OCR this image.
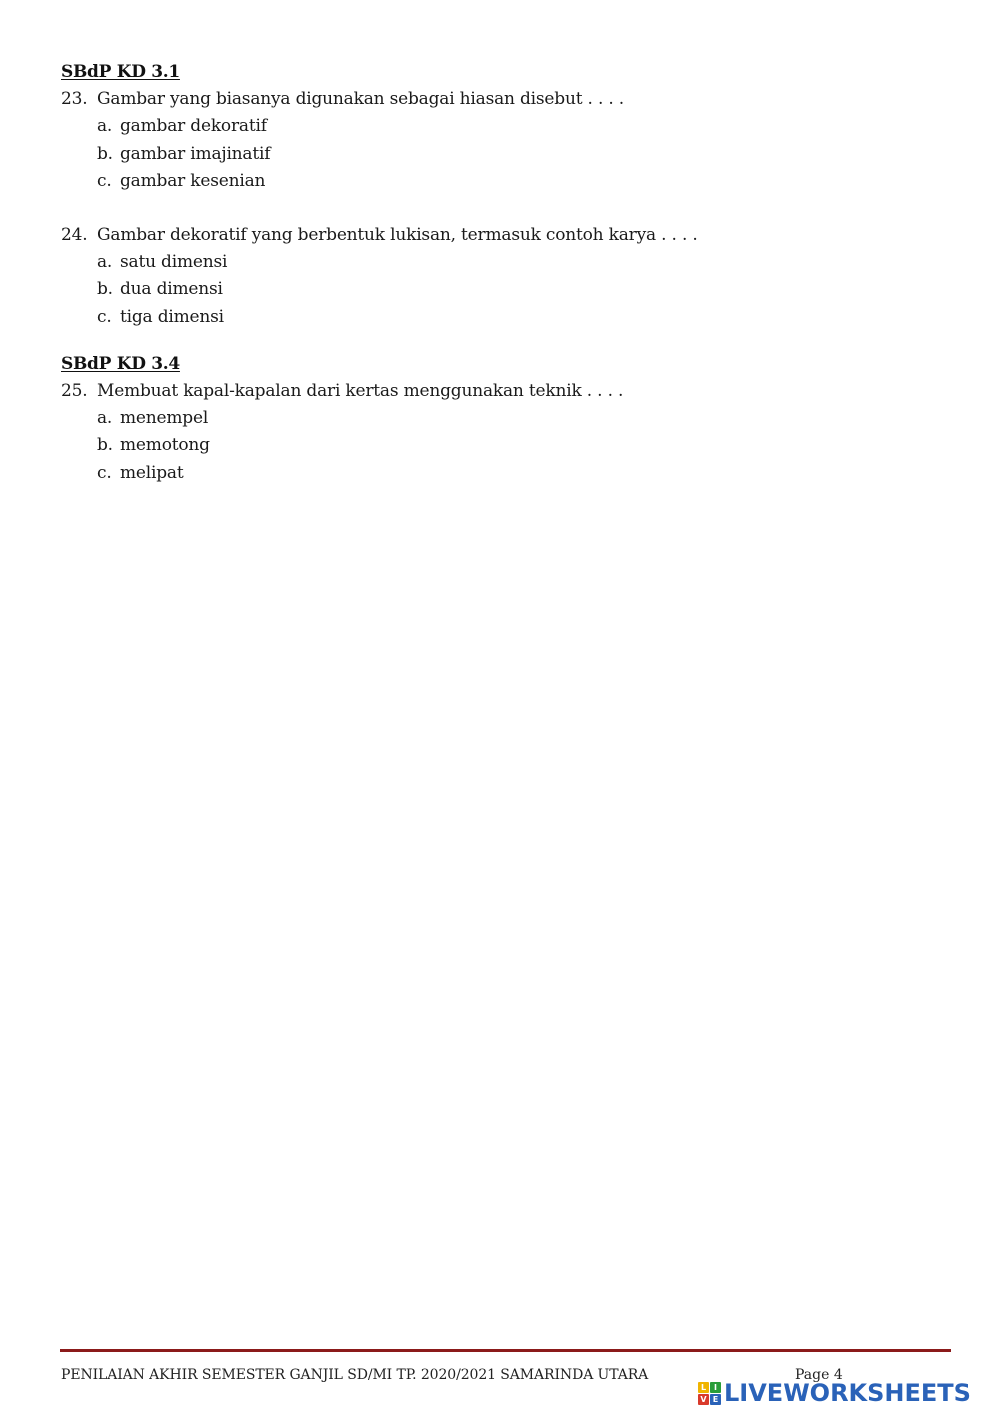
SBdP KD 3.1
23. Gambar yang biasanya digunakan sebagai hiasan disebut . . . .
a. gambar dekoratif
b. gambar imajinatif
c. gambar kesenian
24. Gambar dekoratif yang berbentuk lukisan, termasuk contoh karya . . . .
a. satu dimensi
b. dua dimensi
c. tiga dimensi
SBdP KD 3.4
25. Membuat kapal-kapalan dari kertas menggunakan teknik . . . .
a. menempel
b. memotong
c. melipat
PENILAIAN AKHIR SEMESTER GANJIL SD/MI TP. 2020/2021 SAMARINDA UTARA	Page 4
L I
V E LIVEWORKSHEETS
